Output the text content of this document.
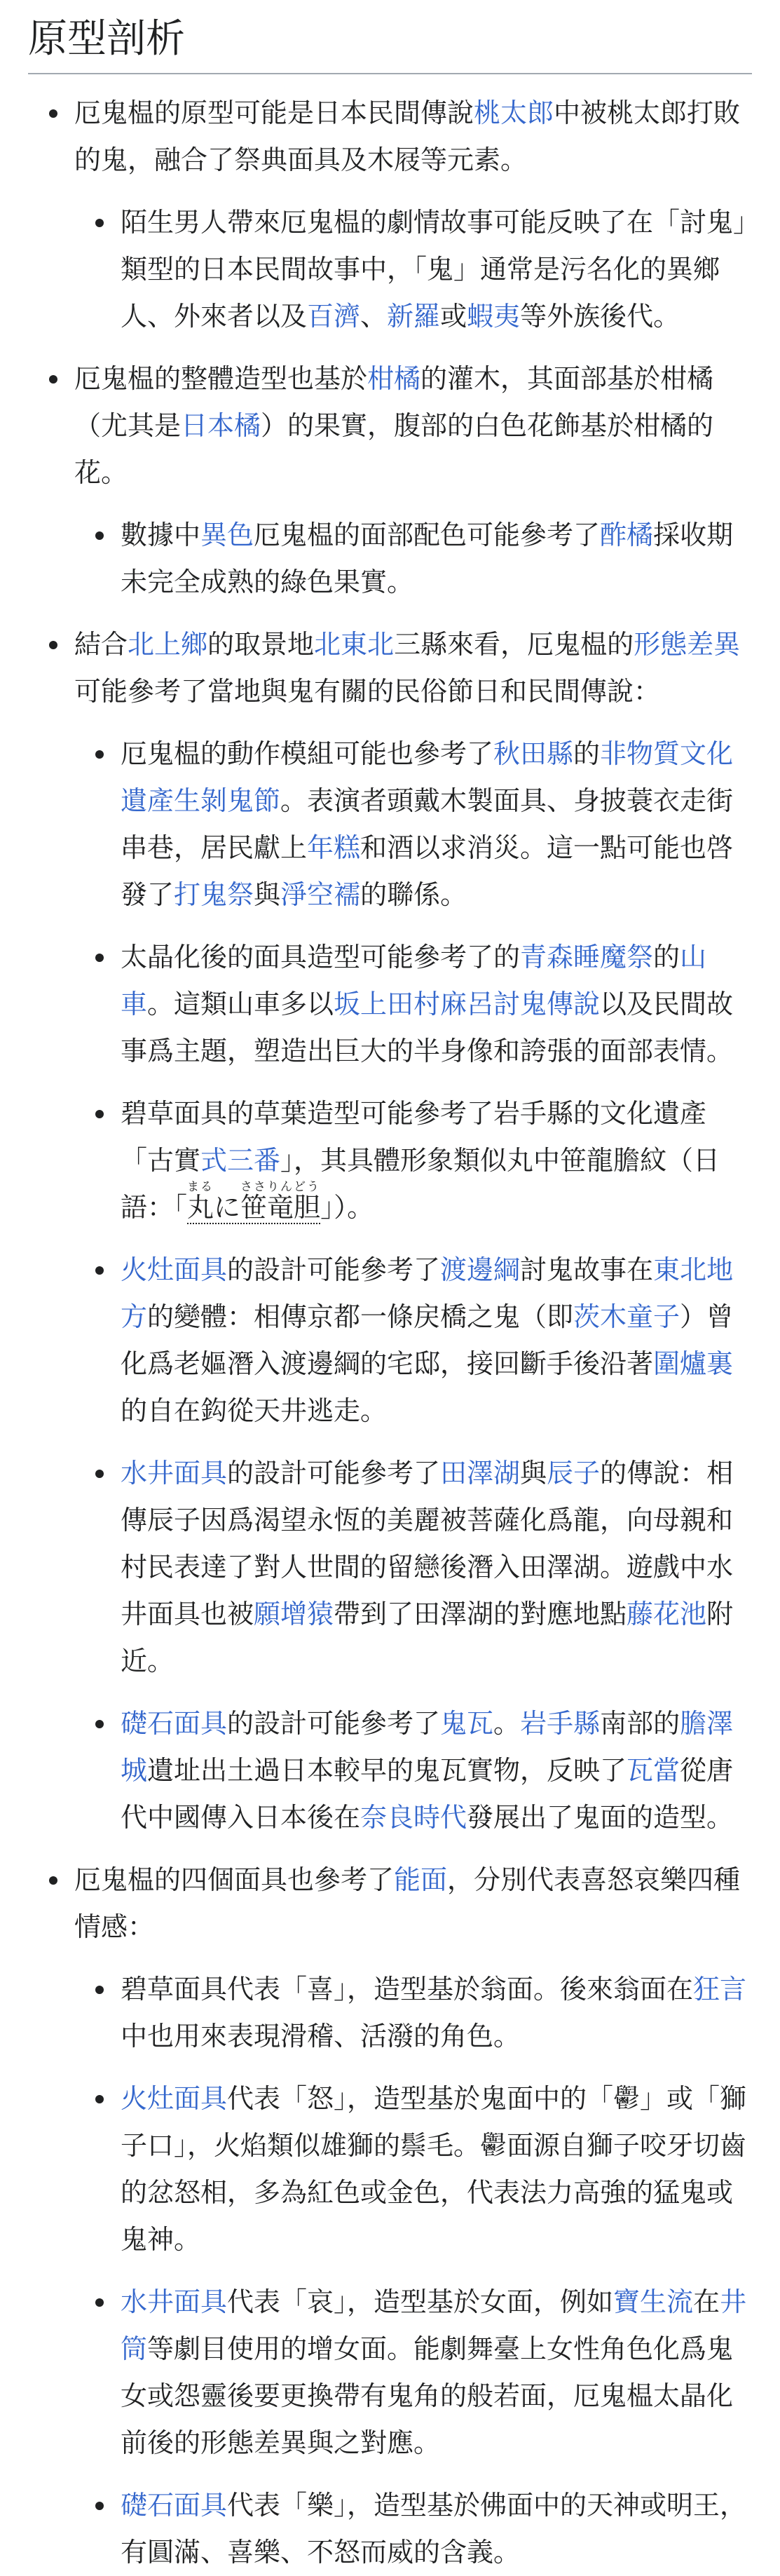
原型剖析
厄鬼榅的原型可能是日本民間傳說桃太郎中被桃太郎打敗的鬼，融合了祭典面具及木屐等元素。
陌生男人帶來厄鬼榅的劇情故事可能反映了在「討鬼」類型的日本民間故事中，「鬼」通常是污名化的異鄉人、外來者以及百濟、新羅或蝦夷等外族後代。
厄鬼榅的整體造型也基於柑橘的灌木，其面部基於柑橘（尤其是日本橘）的果實，腹部的白色花飾基於柑橘的花。
數據中異色厄鬼榅的面部配色可能參考了酢橘採收期未完全成熟的綠色果實。
結合北上鄉的取景地北東北三縣來看，厄鬼榅的形態差異可能參考了當地與鬼有關的民俗節日和民間傳說：
厄鬼榅的動作模組可能也參考了秋田縣的非物質文化遺產生剝鬼節。表演者頭戴木製面具、身披蓑衣走街串巷，居民獻上年糕和酒以求消災。這一點可能也啓發了打鬼祭與淨空襦的聯係。
太晶化後的面具造型可能參考了的青森睡魔祭的山車。這類山車多以坂上田村麻呂討鬼傳說以及民間故事爲主題，塑造出巨大的半身像和誇張的面部表情。
碧草面具的草葉造型可能參考了岩手縣的文化遺產「古實式三番」，其具體形象類似丸中笹龍膽紋（日語：「丸まるに笹竜胆ささりんどう」）。
火灶面具的設計可能參考了渡邊綱討鬼故事在東北地方的變體：相傳京都一條戻橋之鬼（即茨木童子）曾化爲老嫗潛入渡邊綱的宅邸，接回斷手後沿著圍爐裏的自在鈎從天井逃走。
水井面具的設計可能參考了田澤湖與辰子的傳說：相傳辰子因爲渴望永恆的美麗被菩薩化爲龍，向母親和村民表達了對人世間的留戀後潛入田澤湖。遊戲中水井面具也被願增猿帶到了田澤湖的對應地點藤花池附近。
礎石面具的設計可能參考了鬼瓦。岩手縣南部的膽澤城遺址出土過日本較早的鬼瓦實物，反映了瓦當從唐代中國傳入日本後在奈良時代發展出了鬼面的造型。
厄鬼榅的四個面具也參考了能面，分別代表喜怒哀樂四種情感：
碧草面具代表「喜」，造型基於翁面。後來翁面在狂言中也用來表現滑稽、活潑的角色。
火灶面具代表「怒」，造型基於鬼面中的「𩰪」或「獅子口」，火焰類似雄獅的鬃毛。𩰪面源自獅子咬牙切齒的忿怒相，多為紅色或金色，代表法力高強的猛鬼或鬼神。
水井面具代表「哀」，造型基於女面，例如寶生流在井筒等劇目使用的增女面。能劇舞臺上女性角色化爲鬼女或怨靈後要更換帶有鬼角的般若面，厄鬼榅太晶化前後的形態差異與之對應。
礎石面具代表「樂」，造型基於佛面中的天神或明王，有圓滿、喜樂、不怒而威的含義。
